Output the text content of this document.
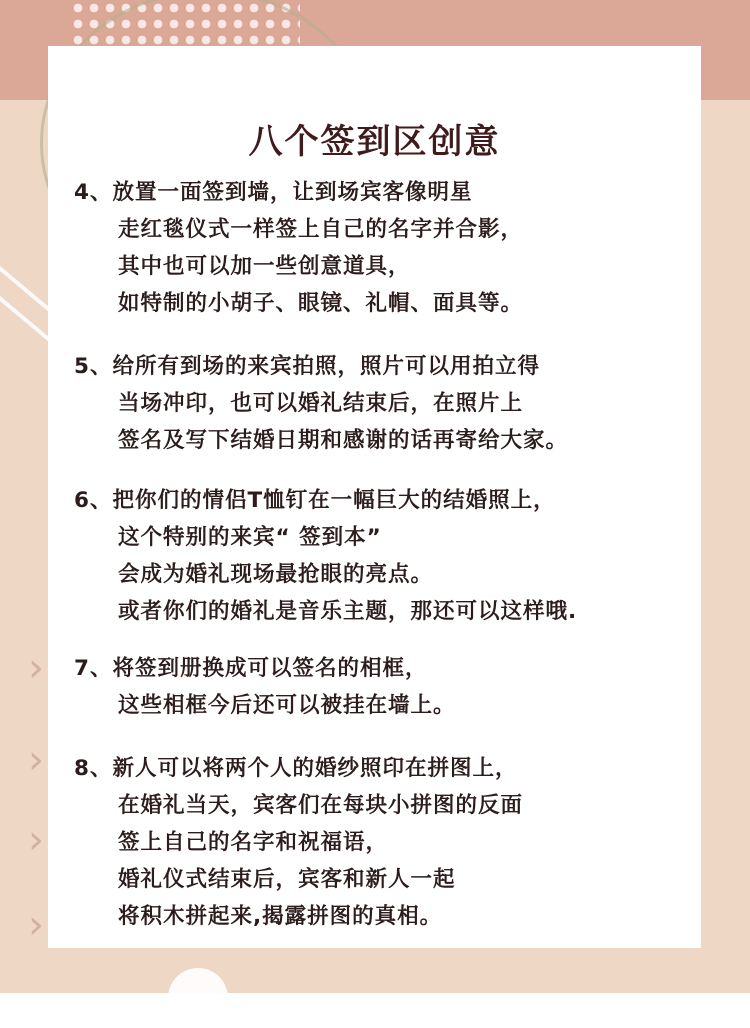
›
›
›
›
八个签到区创意
4、放置一面签到墙，让到场宾客像明星
走红毯仪式一样签上自己的名字并合影，
其中也可以加一些创意道具，
如特制的小胡子、眼镜、礼帽、面具等。
5、给所有到场的来宾拍照，照片可以用拍立得
当场冲印，也可以婚礼结束后，在照片上
签名及写下结婚日期和感谢的话再寄给大家。
6、把你们的情侣T恤钉在一幅巨大的结婚照上，
这个特别的来宾“ 签到本”
会成为婚礼现场最抢眼的亮点。
或者你们的婚礼是音乐主题，那还可以这样哦.
7、将签到册换成可以签名的相框，
这些相框今后还可以被挂在墙上。
8、新人可以将两个人的婚纱照印在拼图上，
在婚礼当天，宾客们在每块小拼图的反面
签上自己的名字和祝福语，
婚礼仪式结束后，宾客和新人一起
将积木拼起来,揭露拼图的真相。
